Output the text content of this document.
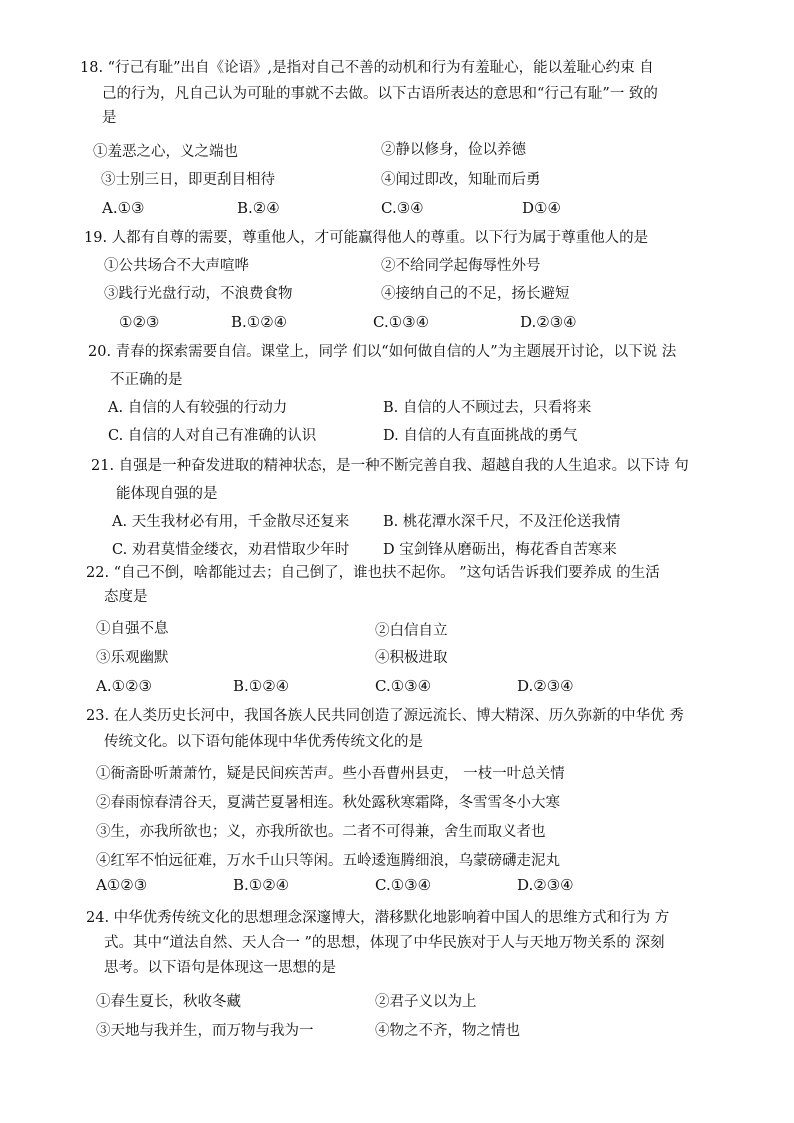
18. “行己有耻”出自《论语》,是指对自己不善的动机和行为有羞耻心，能以羞耻心约束 自
己的行为，凡自己认为可耻的事就不去做。以下古语所表达的意思和“行己有耻”一 致的
是
①羞恶之心，义之端也	②静以修身，俭以养德
③士别三日，即更刮目相待	④闻过即改，知耻而后勇
A.①③	B.②④	C.③④	D①④
19. 人都有自尊的需要，尊重他人，才可能赢得他人的尊重。以下行为属于尊重他人的是
①公共场合不大声喧哗	②不给同学起侮辱性外号
③践行光盘行动，不浪费食物	④接纳自己的不足，扬长避短
①②③	B.①②④	C.①③④	D.②③④
20. 青春的探索需要自信。课堂上，同学 们以“如何做自信的人”为主题展开讨论，以下说 法
不正确的是
A. 自信的人有较强的行动力	B. 自信的人不顾过去，只看将来
C. 自信的人对自己有准确的认识	D. 自信的人有直面挑战的勇气
21. 自强是一种奋发进取的精神状态，是一种不断完善自我、超越自我的人生追求。以下诗 句
能体现自强的是
A. 天生我材必有用，千金散尽还复来 B. 桃花潭水深千尺，不及汪伦送我情
C. 劝君莫惜金缕衣，劝君惜取少年时 D 宝剑锋从磨砺出，梅花香自苦寒来
22. “自己不倒，啥都能过去；自己倒了，谁也扶不起你。 ”这句话告诉我们要养成 的生活
态度是
①自强不息	②白信自立
③乐观幽默	④积极进取
A.①②③	B.①②④	C.①③④	D.②③④
23. 在人类历史长河中，我国各族人民共同创造了源远流长、博大精深、历久弥新的中华优 秀
传统文化。以下语句能体现中华优秀传统文化的是
①衙斋卧听萧萧竹，疑是民间疾苦声。些小吾曹州县吏， 一枝一叶总关情
②春雨惊春清谷天，夏满芒夏暑相连。秋处露秋寒霜降，冬雪雪冬小大寒
③生，亦我所欲也；义，亦我所欲也。二者不可得兼，舍生而取义者也
④红军不怕远征难，万水千山只等闲。五岭逶迤腾细浪，乌蒙磅礴走泥丸
A①②③	B.①②④	C.①③④	D.②③④
24. 中华优秀传统文化的思想理念深邃博大，潜移默化地影响着中国人的思维方式和行为 方
式。其中“道法自然、天人合一 ”的思想，体现了中华民族对于人与天地万物关系的 深刻
思考。以下语句是体现这一思想的是
①春生夏长，秋收冬藏	②君子义以为上
③天地与我并生，而万物与我为一	④物之不齐，物之情也
